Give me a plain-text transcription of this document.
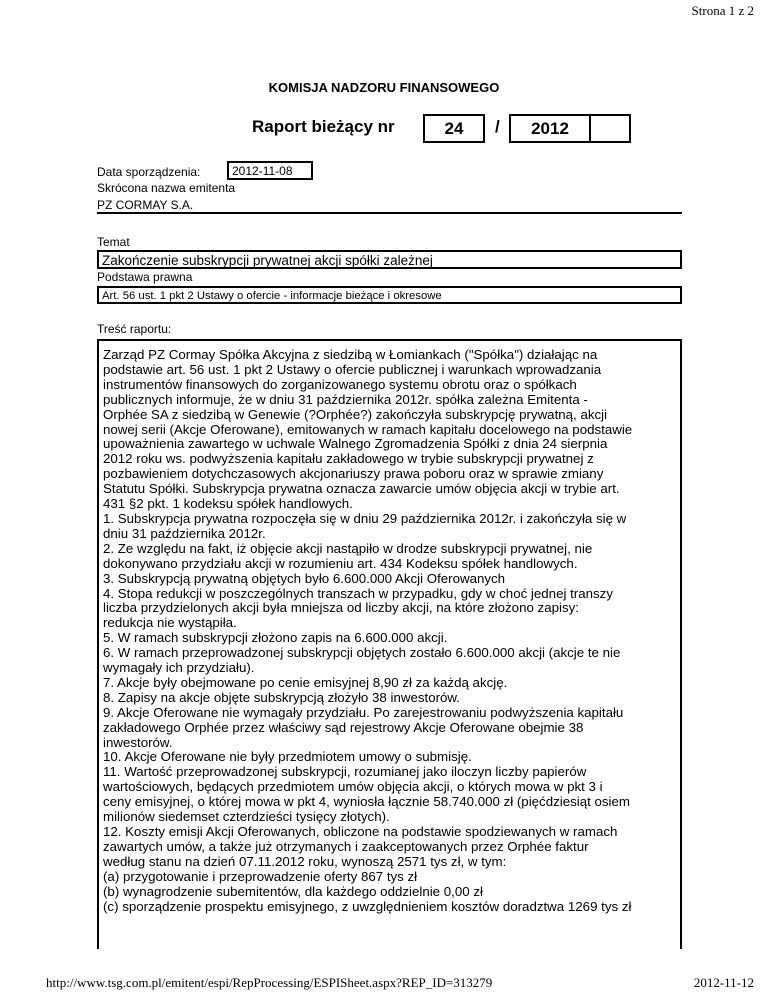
Strona 1 z 2
KOMISJA NADZORU FINANSOWEGO
Raport bieżący nr	24	/	2012
Data sporządzenia:	2012-11-08
Skrócona nazwa emitenta
PZ CORMAY S.A.
Temat
Zakończenie subskrypcji prywatnej akcji spółki zależnej
Podstawa prawna
Art. 56 ust. 1 pkt 2 Ustawy o ofercie - informacje bieżące i okresowe
Treść raportu:
Zarząd PZ Cormay Spółka Akcyjna z siedzibą w Łomiankach ("Spółka") działając na
podstawie art. 56 ust. 1 pkt 2 Ustawy o ofercie publicznej i warunkach wprowadzania
instrumentów finansowych do zorganizowanego systemu obrotu oraz o spółkach
publicznych informuje, że w dniu 31 października 2012r. spółka zależna Emitenta -
Orphée SA z siedzibą w Genewie (?Orphée?) zakończyła subskrypcję prywatną, akcji
nowej serii (Akcje Oferowane), emitowanych w ramach kapitału docelowego na podstawie
upoważnienia zawartego w uchwale Walnego Zgromadzenia Spółki z dnia 24 sierpnia
2012 roku ws. podwyższenia kapitału zakładowego w trybie subskrypcji prywatnej z
pozbawieniem dotychczasowych akcjonariuszy prawa poboru oraz w sprawie zmiany
Statutu Spółki. Subskrypcja prywatna oznacza zawarcie umów objęcia akcji w trybie art.
431 §2 pkt. 1 kodeksu spółek handlowych.
1. Subskrypcja prywatna rozpoczęła się w dniu 29 października 2012r. i zakończyła się w
dniu 31 października 2012r.
2. Ze względu na fakt, iż objęcie akcji nastąpiło w drodze subskrypcji prywatnej, nie
dokonywano przydziału akcji w rozumieniu art. 434 Kodeksu spółek handlowych.
3. Subskrypcją prywatną objętych było 6.600.000 Akcji Oferowanych
4. Stopa redukcji w poszczególnych transzach w przypadku, gdy w choć jednej transzy
liczba przydzielonych akcji była mniejsza od liczby akcji, na które złożono zapisy:
redukcja nie wystąpiła.
5. W ramach subskrypcji złożono zapis na 6.600.000 akcji.
6. W ramach przeprowadzonej subskrypcji objętych zostało 6.600.000 akcji (akcje te nie
wymagały ich przydziału).
7. Akcje były obejmowane po cenie emisyjnej 8,90 zł za każdą akcję.
8. Zapisy na akcje objęte subskrypcją złożyło 38 inwestorów.
9. Akcje Oferowane nie wymagały przydziału. Po zarejestrowaniu podwyższenia kapitału
zakładowego Orphée przez właściwy sąd rejestrowy Akcje Oferowane obejmie 38
inwestorów.
10. Akcje Oferowane nie były przedmiotem umowy o submisję.
11. Wartość przeprowadzonej subskrypcji, rozumianej jako iloczyn liczby papierów
wartościowych, będących przedmiotem umów objęcia akcji, o których mowa w pkt 3 i
ceny emisyjnej, o której mowa w pkt 4, wyniosła łącznie 58.740.000 zł (pięćdziesiąt osiem
milionów siedemset czterdzieści tysięcy złotych).
12. Koszty emisji Akcji Oferowanych, obliczone na podstawie spodziewanych w ramach
zawartych umów, a także już otrzymanych i zaakceptowanych przez Orphée faktur
według stanu na dzień 07.11.2012 roku, wynoszą 2571 tys zł, w tym:
(a) przygotowanie i przeprowadzenie oferty 867 tys zł
(b) wynagrodzenie subemitentów, dla każdego oddzielnie 0,00 zł
(c) sporządzenie prospektu emisyjnego, z uwzględnieniem kosztów doradztwa 1269 tys zł
http://www.tsg.com.pl/emitent/espi/RepProcessing/ESPISheet.aspx?REP_ID=313279	2012-11-12
